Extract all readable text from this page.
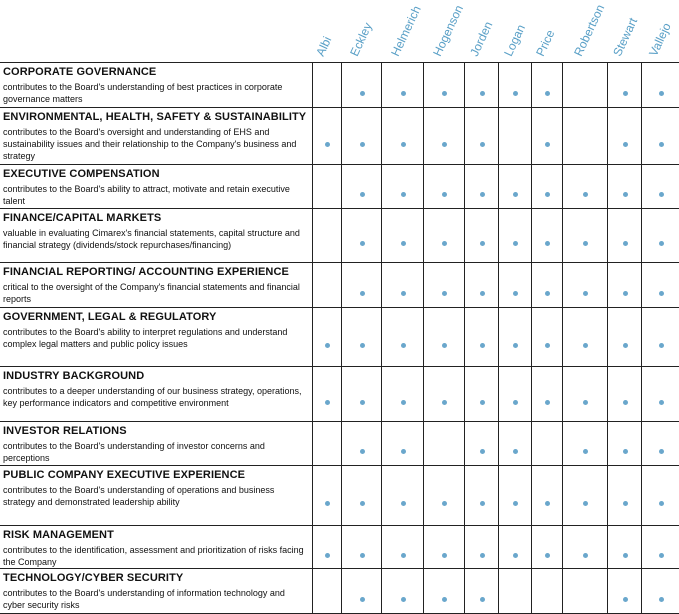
Albi Eckley Helmerich Hogenson Jorden Logan Price Robertson Stewart Vallejo
CORPORATE GOVERNANCE
contributes to the Board's understanding of best practices in corporate governance matters
ENVIRONMENTAL, HEALTH, SAFETY & SUSTAINABILITY
contributes to the Board's oversight and understanding of EHS and sustainability issues and their relationship to the Company's business and strategy
EXECUTIVE COMPENSATION
contributes to the Board's ability to attract, motivate and retain executive talent
FINANCE/CAPITAL MARKETS
valuable in evaluating Cimarex's financial statements, capital structure and financial strategy (dividends/stock repurchases/financing)
FINANCIAL REPORTING/ ACCOUNTING EXPERIENCE
critical to the oversight of the Company's financial statements and financial reports
GOVERNMENT, LEGAL & REGULATORY
contributes to the Board's ability to interpret regulations and understand complex legal matters and public policy issues
INDUSTRY BACKGROUND
contributes to a deeper understanding of our business strategy, operations, key performance indicators and competitive environment
INVESTOR RELATIONS
contributes to the Board's understanding of investor concerns and perceptions
PUBLIC COMPANY EXECUTIVE EXPERIENCE
contributes to the Board's understanding of operations and business strategy and demonstrated leadership ability
RISK MANAGEMENT
contributes to the identification, assessment and prioritization of risks facing the Company
TECHNOLOGY/CYBER SECURITY
contributes to the Board's understanding of information technology and cyber security risks
